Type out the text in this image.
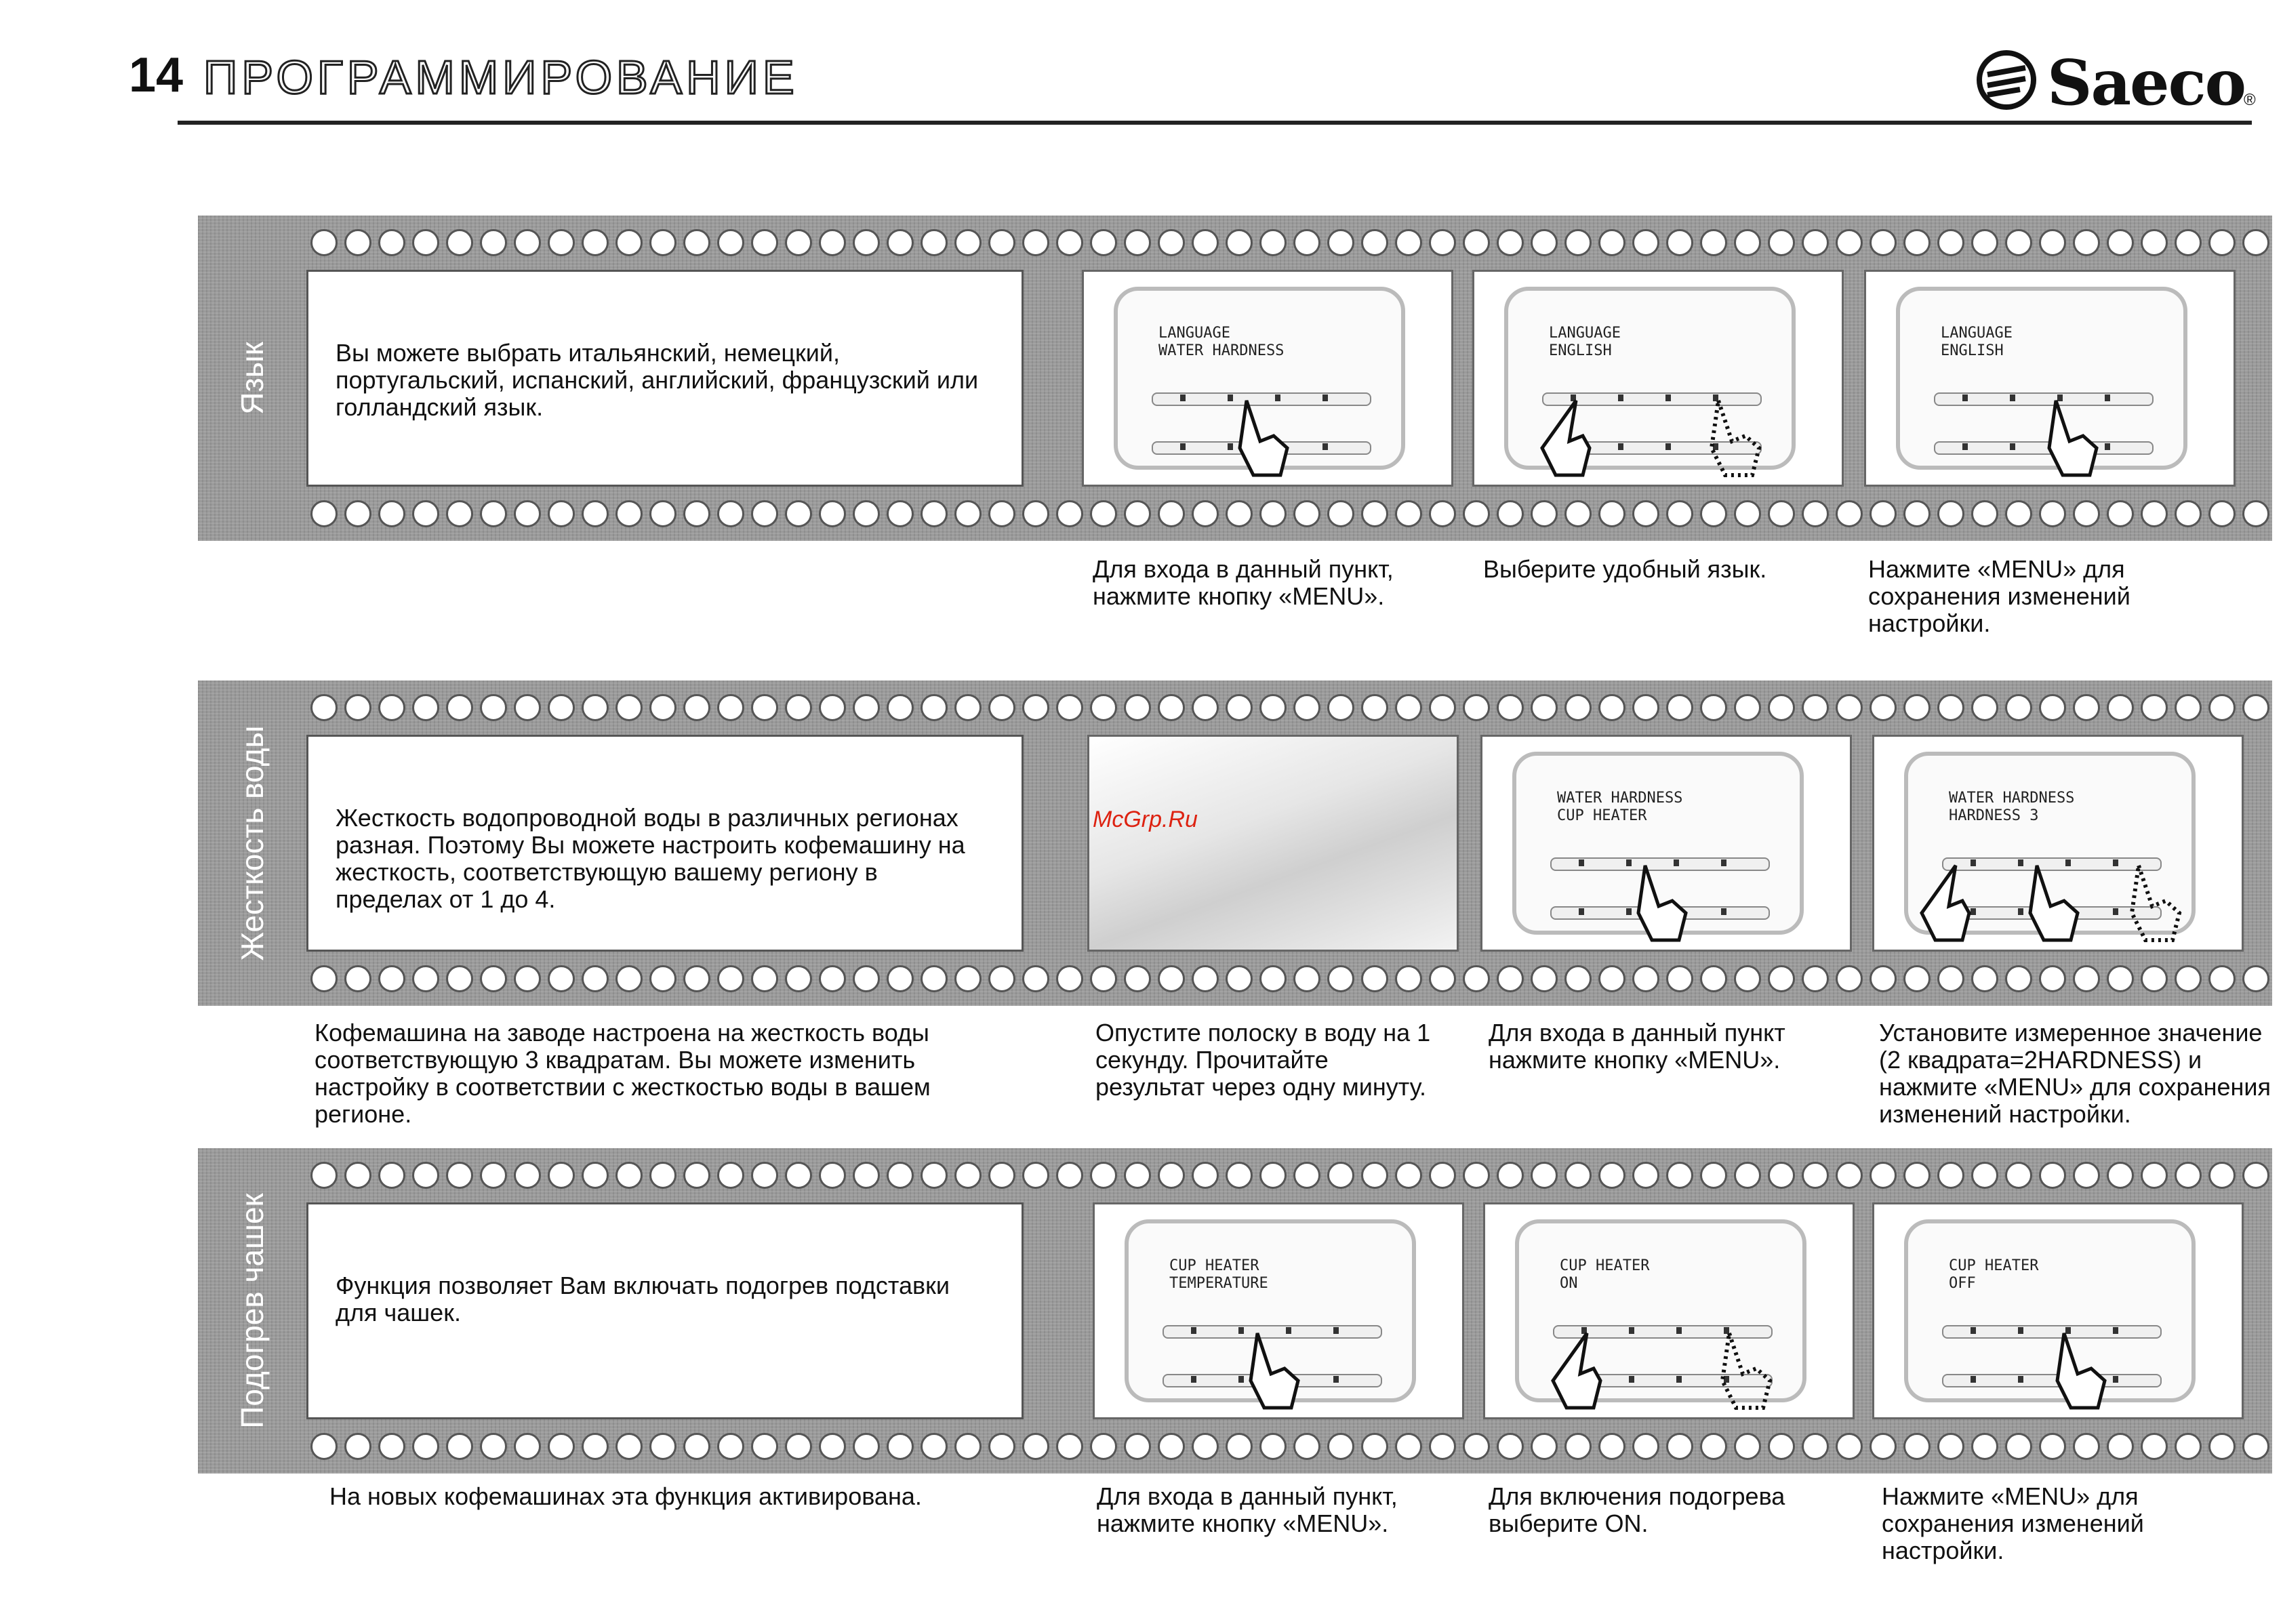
14 ПРОГРАММИРОВАНИЕ	Saeco
®
Язык	Вы можете выбрать итальянский, немецкий, португальский, испанский, английский, французский или голландский язык.

LANGUAGE
WATER HARDNESS
LANGUAGE
ENGLISH
LANGUAGE
ENGLISH
Для входа в данный пункт,
нажмите кнопку «MENU».
Выберите удобный язык.	Нажмите «MENU» для
сохранения изменений
настройки.
Жесткость воды	Жесткость водопроводной воды в различных регионах разная. Поэтому Вы можете настроить кофемашину на жесткость, соответствующую вашему региону в пределах от 1 до 4.

WATER HARDNESS
CUP HEATER
WATER HARDNESS
HARDNESS 3
Кофемашина на заводе настроена на жесткость воды
соответствующую 3 квадратам. Вы можете изменить
настройку в соответствии с жесткостью воды в вашем
регионе.
Опустите полоску в воду на 1
секунду. Прочитайте
результат через одну минуту.
Для входа в данный пункт
нажмите кнопку «MENU».
Установите измеренное значение
(2 квадрата=2HARDNESS) и
нажмите «MENU» для сохранения
изменений настройки.
Подогрев чашек	Функция позволяет Вам включать подогрев подставки для чашек.

CUP HEATER
TEMPERATURE
CUP HEATER
ON
CUP HEATER
OFF
На новых кофемашинах эта функция активирована.	Для входа в данный пункт,
нажмите кнопку «MENU».
Для включения подогрева
выберите ON.
Нажмите «MENU» для
сохранения изменений
настройки.
McGrp.Ru
